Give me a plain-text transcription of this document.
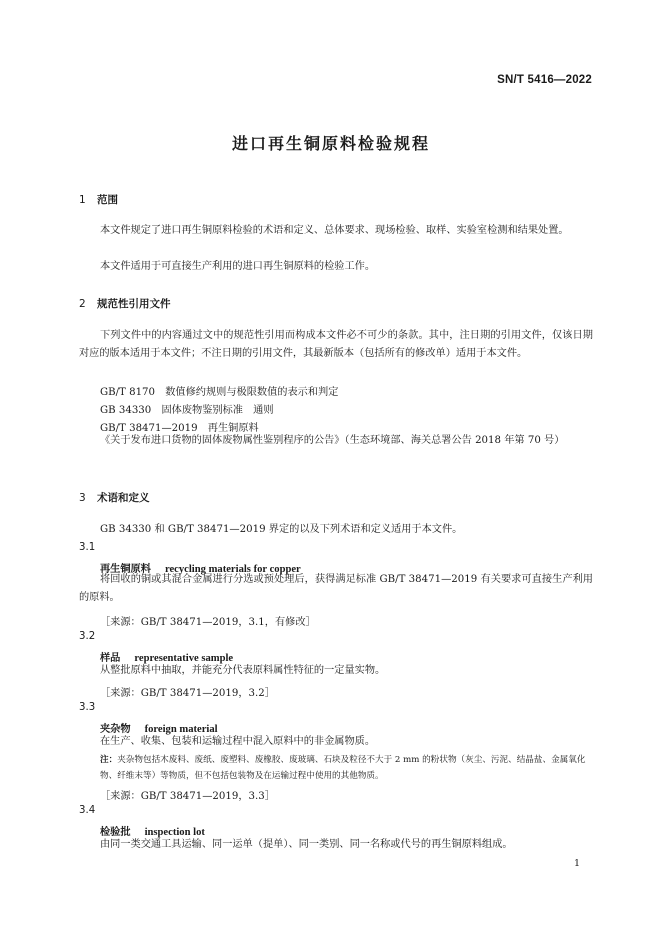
SN/T 5416—2022
进口再生铜原料检验规程
1 范围
本文件规定了进口再生铜原料检验的术语和定义、总体要求、现场检验、取样、实验室检测和结果处置。
本文件适用于可直接生产利用的进口再生铜原料的检验工作。
2 规范性引用文件
下列文件中的内容通过文中的规范性引用而构成本文件必不可少的条款。其中，注日期的引用文件，仅该日期对应的版本适用于本文件；不注日期的引用文件，其最新版本（包括所有的修改单）适用于本文件。
GB/T 8170　数值修约规则与极限数值的表示和判定
GB 34330　固体废物鉴别标准　通则
GB/T 38471—2019　再生铜原料
《关于发布进口货物的固体废物属性鉴别程序的公告》（生态环境部、海关总署公告 2018 年第 70 号）
3 术语和定义
GB 34330 和 GB/T 38471—2019 界定的以及下列术语和定义适用于本文件。
3.1
再生铜原料 recycling materials for copper
将回收的铜或其混合金属进行分选或预处理后，获得满足标准 GB/T 38471—2019 有关要求可直接生产利用的原料。
［来源：GB/T 38471—2019，3.1，有修改］
3.2
样品 representative sample
从整批原料中抽取，并能充分代表原料属性特征的一定量实物。
［来源：GB/T 38471—2019，3.2］
3.3
夹杂物 foreign material
在生产、收集、包装和运输过程中混入原料中的非金属物质。
注：夹杂物包括木废料、废纸、废塑料、废橡胶、废玻璃、石块及粒径不大于 2 mm 的粉状物（灰尘、污泥、结晶盐、金属氧化物、纤维末等）等物质，但不包括包装物及在运输过程中使用的其他物质。
［来源：GB/T 38471—2019，3.3］
3.4
检验批 inspection lot
由同一类交通工具运输、同一运单（提单）、同一类别、同一名称或代号的再生铜原料组成。
1
